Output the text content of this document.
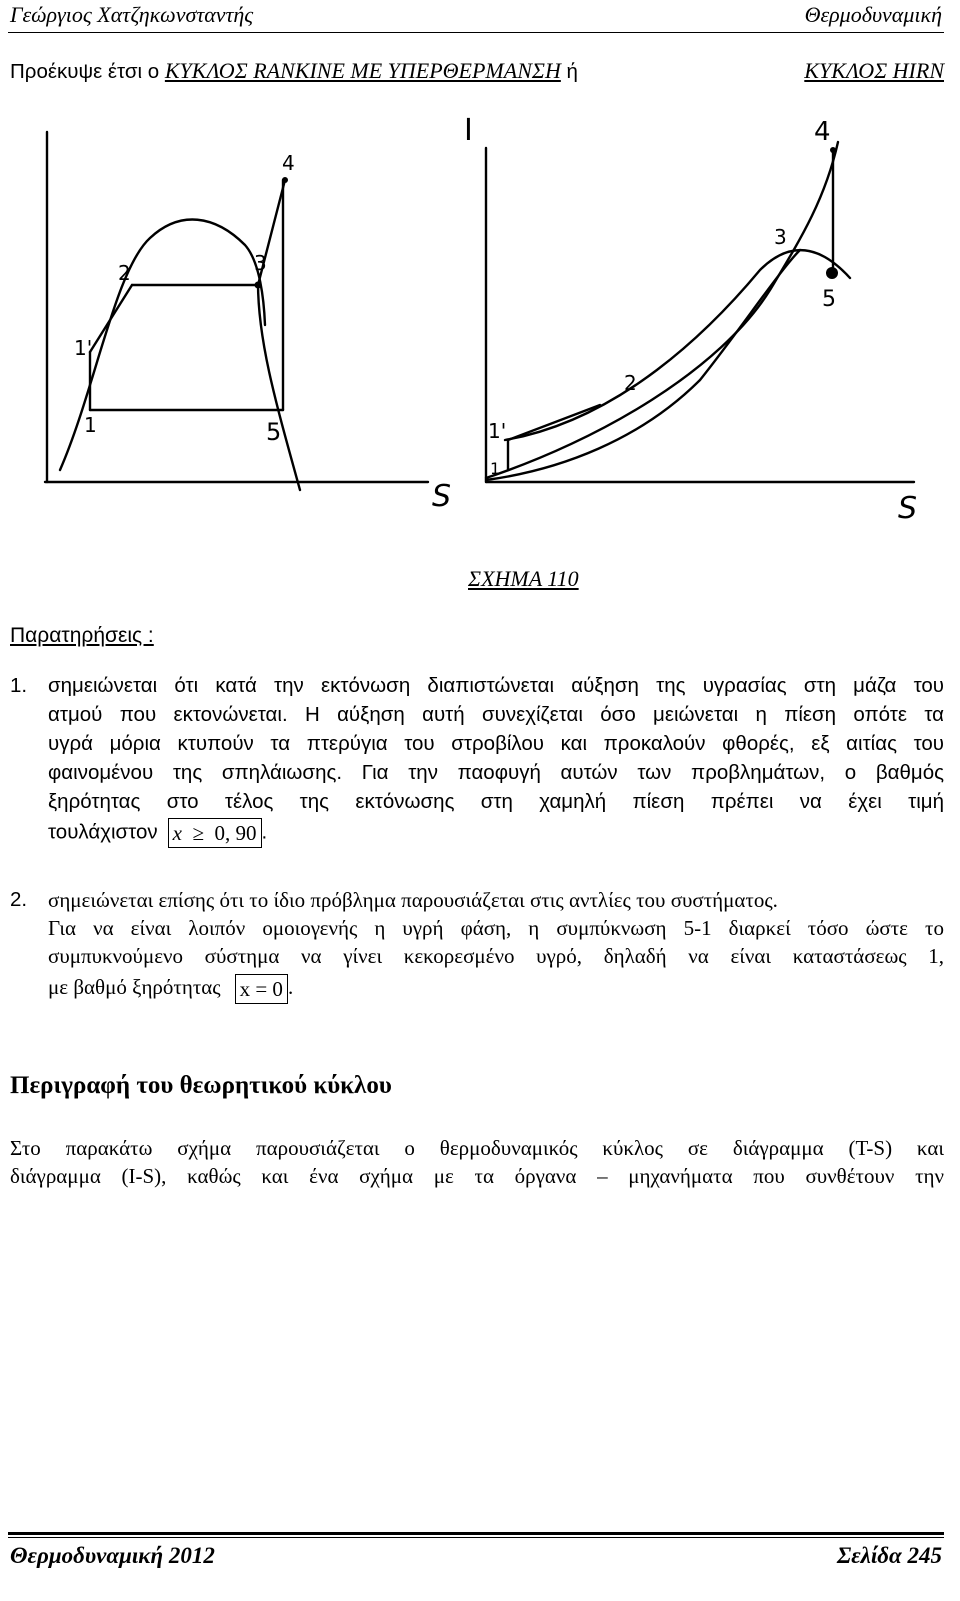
Γεώργιος Χατζηκωνσταντής	Θερμοδυναμική
Προέκυψε έτσι ο ΚΥΚΛΟΣ RANKINE ΜΕ ΥΠΕΡΘΕΡΜΑΝΣΗ ή	ΚΥΚΛΟΣ HIRN
S
1
1'
2	3
4
5
I
S
1
1'
2
3
4
5
ΣΧΗΜΑ 110
Παρατηρήσεις :
1. σημειώνεται ότι κατά την εκτόνωση διαπιστώνεται αύξηση της υγρασίας στη μάζα του
ατμού που εκτονώνεται. Η αύξηση αυτή συνεχίζεται όσο μειώνεται η πίεση οπότε τα
υγρά μόρια κτυπούν τα πτερύγια του στροβίλου και προκαλούν φθορές, εξ αιτίας του
φαινομένου της σπηλάιωσης. Για την παοφυγή αυτών των προβλημάτων, ο βαθμός
ξηρότητας στο τέλος της εκτόνωσης στη χαμηλή πίεση πρέπει να έχει τιμή
τουλάχιστον x ≥ 0, 90 .
2. σημειώνεται επίσης ότι το ίδιο πρόβλημα παρουσιάζεται στις αντλίες του συστήματος.
Για να είναι λοιπόν ομοιογενής η υγρή φάση, η συμπύκνωση 5-1 διαρκεί τόσο ώστε το
συμπυκνούμενο σύστημα να γίνει κεκορεσμένο υγρό, δηλαδή να είναι καταστάσεως 1,
με βαθμό ξηρότητας x = 0 .
Περιγραφή του θεωρητικού κύκλου
Στο παρακάτω σχήμα παρουσιάζεται ο θερμοδυναμικός κύκλος σε διάγραμμα (T-S) και
διάγραμμα (I-S), καθώς και ένα σχήμα με τα όργανα – μηχανήματα που συνθέτουν την
Θερμοδυναμική 2012	Σελίδα 245
